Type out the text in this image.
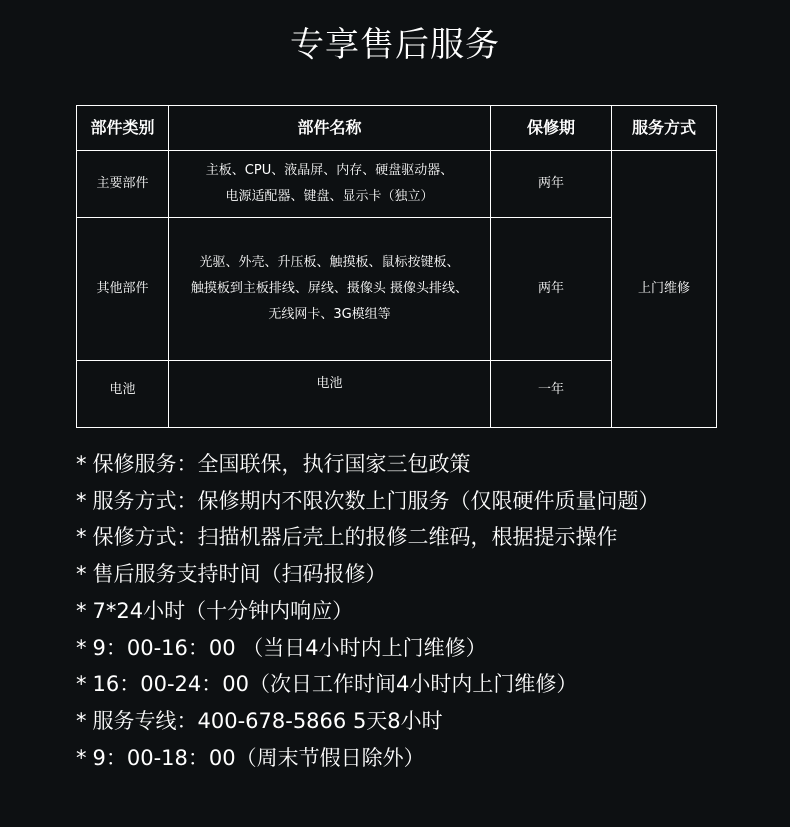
专享售后服务
部件类别	部件名称	保修期	服务方式
主要部件	主板、CPU、液晶屏、内存、硬盘驱动器、
电源适配器、键盘、显示卡（独立）	两年	上门维修
其他部件	光驱、外壳、升压板、触摸板、鼠标按键板、
触摸板到主板排线、屏线、摄像头 摄像头排线、
无线网卡、3G模组等	两年	
电池	电池	一年	
* 保修服务：全国联保，执行国家三包政策
* 服务方式：保修期内不限次数上门服务（仅限硬件质量问题）
* 保修方式：扫描机器后壳上的报修二维码，根据提示操作
* 售后服务支持时间（扫码报修）
* 7*24小时（十分钟内响应）
* 9：00-16：00 （当日4小时内上门维修）
* 16：00-24：00（次日工作时间4小时内上门维修）
* 服务专线：400-678-5866 5天8小时
* 9：00-18：00（周末节假日除外）
